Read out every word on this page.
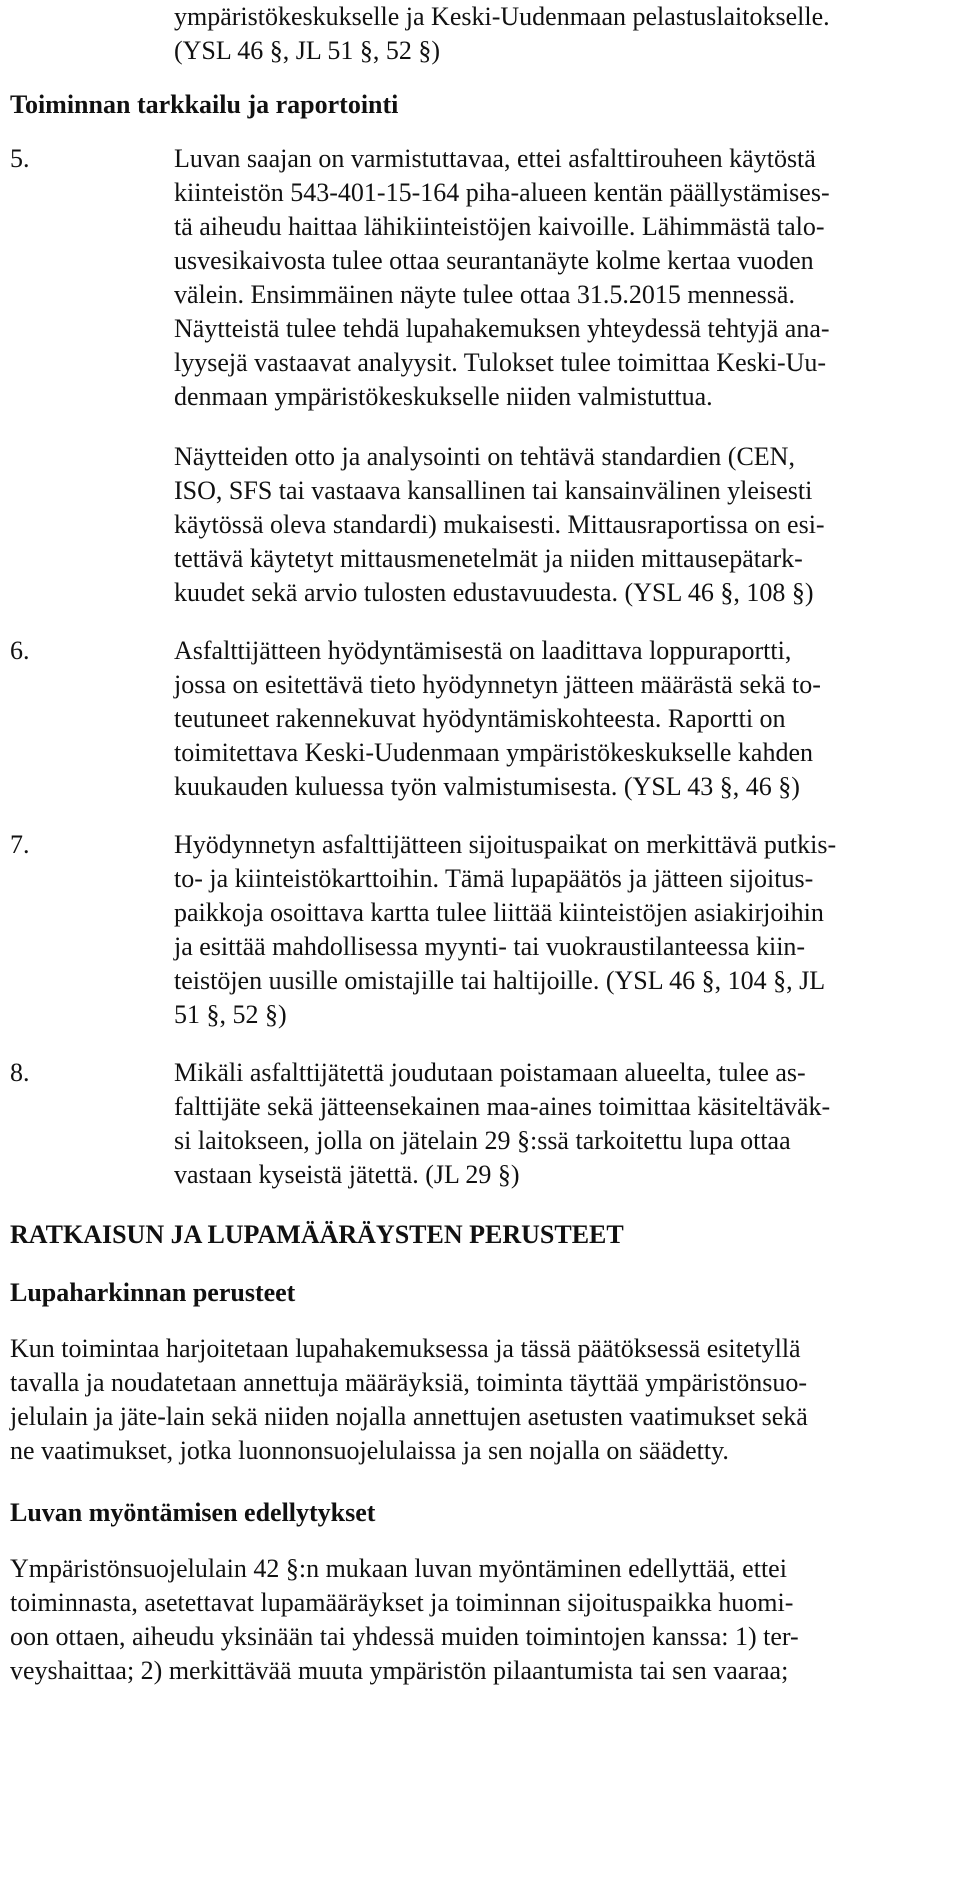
ympäristökeskukselle ja Keski-Uudenmaan pelastuslaitokselle.
(YSL 46 §, JL 51 §, 52 §)
Toiminnan tarkkailu ja raportointi
5.	Luvan saajan on varmistuttavaa, ettei asfalttirouheen käytöstä
kiinteistön 543-401-15-164 piha-alueen kentän päällystämises-
tä aiheudu haittaa lähikiinteistöjen kaivoille. Lähimmästä talo-
usvesikaivosta tulee ottaa seurantanäyte kolme kertaa vuoden
välein. Ensimmäinen näyte tulee ottaa 31.5.2015 mennessä.
Näytteistä tulee tehdä lupahakemuksen yhteydessä tehtyjä ana-
lyysejä vastaavat analyysit. Tulokset tulee toimittaa Keski-Uu-
denmaan ympäristökeskukselle niiden valmistuttua.
Näytteiden otto ja analysointi on tehtävä standardien (CEN,
ISO, SFS tai vastaava kansallinen tai kansainvälinen yleisesti
käytössä oleva standardi) mukaisesti. Mittausraportissa on esi-
tettävä käytetyt mittausmenetelmät ja niiden mittausepätark-
kuudet sekä arvio tulosten edustavuudesta. (YSL 46 §, 108 §)
6.	Asfalttijätteen hyödyntämisestä on laadittava loppuraportti,
jossa on esitettävä tieto hyödynnetyn jätteen määrästä sekä to-
teutuneet rakennekuvat hyödyntämiskohteesta. Raportti on
toimitettava Keski-Uudenmaan ympäristökeskukselle kahden
kuukauden kuluessa työn valmistumisesta. (YSL 43 §, 46 §)
7.	Hyödynnetyn asfalttijätteen sijoituspaikat on merkittävä putkis-
to- ja kiinteistökarttoihin. Tämä lupapäätös ja jätteen sijoitus-
paikkoja osoittava kartta tulee liittää kiinteistöjen asiakirjoihin
ja esittää mahdollisessa myynti- tai vuokraustilanteessa kiin-
teistöjen uusille omistajille tai haltijoille. (YSL 46 §, 104 §, JL
51 §, 52 §)
8.	Mikäli asfalttijätettä joudutaan poistamaan alueelta, tulee as-
falttijäte sekä jätteensekainen maa-aines toimittaa käsiteltäväk-
si laitokseen, jolla on jätelain 29 §:ssä tarkoitettu lupa ottaa
vastaan kyseistä jätettä. (JL 29 §)
RATKAISUN JA LUPAMÄÄRÄYSTEN PERUSTEET
Lupaharkinnan perusteet
Kun toimintaa harjoitetaan lupahakemuksessa ja tässä päätöksessä esitetyllä
tavalla ja noudatetaan annettuja määräyksiä, toiminta täyttää ympäristönsuo-
jelulain ja jäte-lain sekä niiden nojalla annettujen asetusten vaatimukset sekä
ne vaatimukset, jotka luonnonsuojelulaissa ja sen nojalla on säädetty.
Luvan myöntämisen edellytykset
Ympäristönsuojelulain 42 §:n mukaan luvan myöntäminen edellyttää, ettei
toiminnasta, asetettavat lupamääräykset ja toiminnan sijoituspaikka huomi-
oon ottaen, aiheudu yksinään tai yhdessä muiden toimintojen kanssa: 1) ter-
veyshaittaa; 2) merkittävää muuta ympäristön pilaantumista tai sen vaaraa;
